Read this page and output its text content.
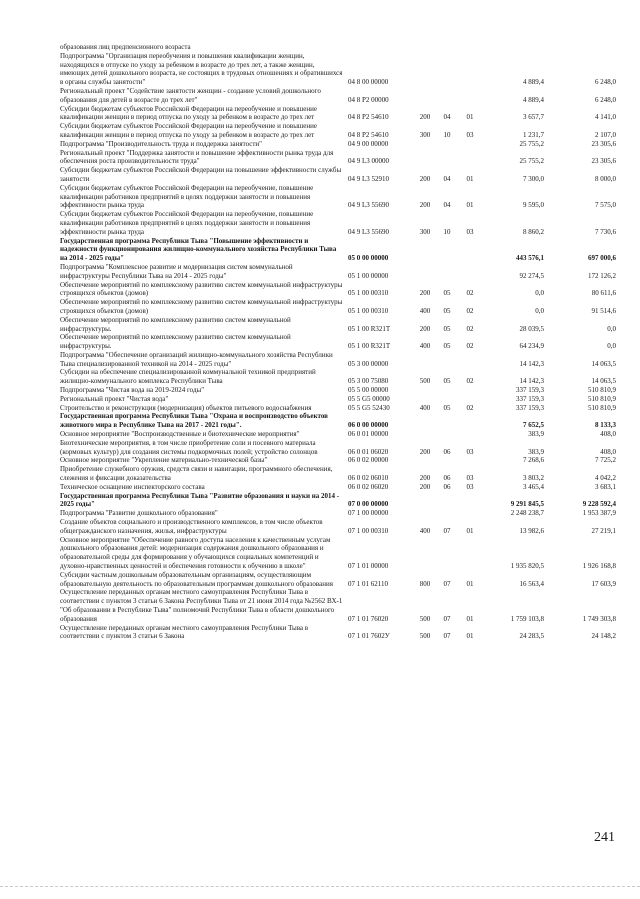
образования лиц предпенсионного возраста						
Подпрограмма "Организация переобучения и повышения квалификации женщин, находящихся в отпуске по уходу за ребенком в возрасте до трех лет, а также женщин, имеющих детей дошкольного возраста, не состоящих в трудовых отношениях и обратившихся в органы службы занятости"	04 8 00 00000				4 889,4	6 248,0
Региональный проект "Содействие занятости женщин - создание условий дошкольного образования для детей в возрасте до трех лет"	04 8 P2 00000				4 889,4	6 248,0
Субсидии бюджетам субъектов Российской Федерации на переобучение и повышение квалификации женщин в период отпуска по уходу за ребенком в возрасте до трех лет	04 8 P2 54610	200	04	01	3 657,7	4 141,0
Субсидии бюджетам субъектов Российской Федерации на переобучение и повышение квалификации женщин в период отпуска по уходу за ребенком в возрасте до трех лет	04 8 P2 54610	300	10	03	1 231,7	2 107,0
Подпрограмма "Производительность труда и поддержка занятости"	04 9 00 00000				25 755,2	23 305,6
Региональный проект "Поддержка занятости и повышение эффективности рынка труда для обеспечения роста производительности труда"	04 9 L3 00000				25 755,2	23 305,6
Субсидии бюджетам субъектов Российской Федерации на повышение эффективности службы занятости	04 9 L3 52910	200	04	01	7 300,0	8 000,0
Субсидии бюджетам субъектов Российской Федерации на переобучение, повышение квалификации работников предприятий в целях поддержки занятости и повышения эффективности рынка труда	04 9 L3 55690	200	04	01	9 595,0	7 575,0
Субсидии бюджетам субъектов Российской Федерации на переобучение, повышение квалификации работников предприятий в целях поддержки занятости и повышения эффективности рынка труда	04 9 L3 55690	300	10	03	8 860,2	7 730,6
Государственная программа Республики Тыва "Повышение эффективности и надежности функционирования жилищно-коммунального хозяйства Республики Тыва на 2014 - 2025 годы"	05 0 00 00000				443 576,1	697 000,6
Подпрограмма "Комплексное развитие и модернизация систем коммунальной инфраструктуры Республики Тыва на 2014 - 2025 годы"	05 1 00 00000				92 274,5	172 126,2
Обеспечение мероприятий по комплексному развитию систем коммунальной инфраструктуры строящихся объектов (домов)	05 1 00 00310	200	05	02	0,0	80 611,6
Обеспечение мероприятий по комплексному развитию систем коммунальной инфраструктуры строящихся объектов (домов)	05 1 00 00310	400	05	02	0,0	91 514,6
Обеспечение мероприятий по комплексному развитию систем коммунальной инфраструктуры.	05 1 00 R321T	200	05	02	28 039,5	0,0
Обеспечение мероприятий по комплексному развитию систем коммунальной инфраструктуры.	05 1 00 R321T	400	05	02	64 234,9	0,0
Подпрограмма "Обеспечение организаций жилищно-коммунального хозяйства Республики Тыва специализированной техникой на 2014 - 2025 годы"	05 3 00 00000				14 142,3	14 063,5
Субсидии на обеспечение специализированной коммунальной техникой предприятий жилищно-коммунального комплекса Республики Тыва	05 3 00 75080	500	05	02	14 142,3	14 063,5
Подпрограмма "Чистая вода на 2019-2024 годы"	05 5 00 00000				337 159,3	510 810,9
Региональный проект "Чистая вода"	05 5 G5 00000				337 159,3	510 810,9
Строительство и реконструкция (модернизация) объектов питьевого водоснабжения	05 5 G5 52430	400	05	02	337 159,3	510 810,9
Государственная программа Республики Тыва "Охрана и воспроизводство объектов животного мира в Республике Тыва на 2017 - 2021 годы".	06 0 00 00000				7 652,5	8 133,3
Основное мероприятие "Воспроизводственные и биотехнические мероприятия"	06 0 01 00000				383,9	408,0
Биотехнические мероприятия, в том числе приобретение соли и посевного материала (кормовых культур) для создания системы подкормочных полей; устройство солонцов	06 0 01 06020	200	06	03	383,9	408,0
Основное мероприятие "Укрепление материально-технической базы"	06 0 02 00000				7 268,6	7 725,2
Приобретение служебного оружия, средств связи и навигации, программного обеспечения, слежения и фиксации доказательства	06 0 02 06010	200	06	03	3 803,2	4 042,2
Техническое оснащение инспекторского состава	06 0 02 06020	200	06	03	3 465,4	3 683,1
Государственная программа Республики Тыва "Развитие образования и науки на 2014 - 2025 годы"	07 0 00 00000				9 291 845,5	9 228 592,4
Подпрограмма "Развитие дошкольного образования"	07 1 00 00000				2 248 238,7	1 953 387,9
Создание объектов социального и производственного комплексов, в том числе объектов общегражданского назначения, жилья, инфраструктуры	07 1 00 00310	400	07	01	13 982,6	27 219,1
Основное мероприятие "Обеспечение равного доступа населения к качественным услугам дошкольного образования детей: модернизация содержания дошкольного образования и образовательной среды для формирования у обучающихся социальных компетенций и духовно-нравственных ценностей и обеспечения готовности к обучению в школе"	07 1 01 00000				1 935 820,5	1 926 168,8
Субсидии частным дошкольным образовательным организациям, осуществляющим образовательную деятельность по образовательным программам дошкольного образования	07 1 01 62110	800	07	01	16 563,4	17 603,9
Осуществление переданных органам местного самоуправления Республики Тыва в соответствии с пунктом 3 статьи 6 Закона Республики Тыва от 21 июня 2014 года №2562 ВХ-1 "Об образовании в Республике Тыва" полномочий Республики Тыва в области дошкольного образования	07 1 01 76020	500	07	01	1 759 103,8	1 749 303,8
Осуществление переданных органам местного самоуправления Республики Тыва в соответствии с пунктом 3 статьи 6 Закона	07 1 01 7602У	500	07	01	24 283,5	24 148,2
241
